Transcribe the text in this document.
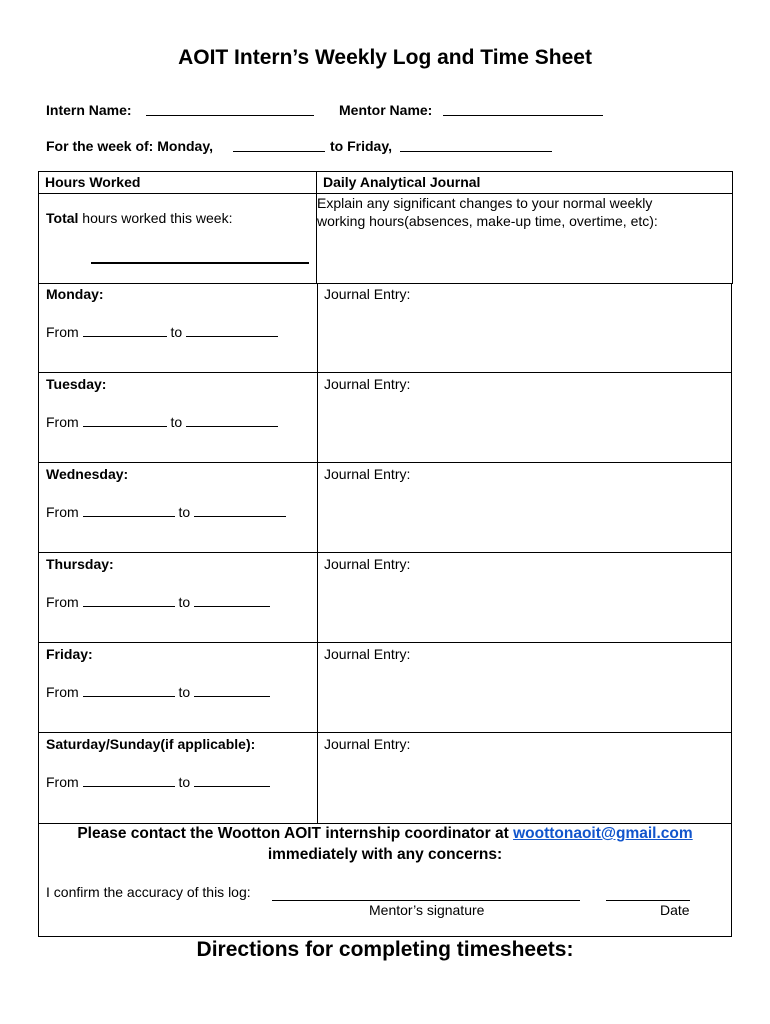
AOIT Intern’s Weekly Log and Time Sheet
Intern Name:	Mentor Name:
For the week of: Monday,	to Friday,
Hours Worked	Daily Analytical Journal

Total hours worked this week:	Explain any significant changes to your normal weekly
working hours(absences, make-up time, overtime, etc):
Monday:
From	to
Journal Entry:
Tuesday:
From	to
Journal Entry:
Wednesday:
From	to
Journal Entry:
Thursday:
From	to
Journal Entry:
Friday:
From	to
Journal Entry:
Saturday/Sunday(if applicable):
From	to
Journal Entry:
Please contact the Wootton AOIT internship coordinator at woottonaoit@gmail.com
immediately with any concerns:
I confirm the accuracy of this log:
Mentor’s signature	Date
Directions for completing timesheets:
